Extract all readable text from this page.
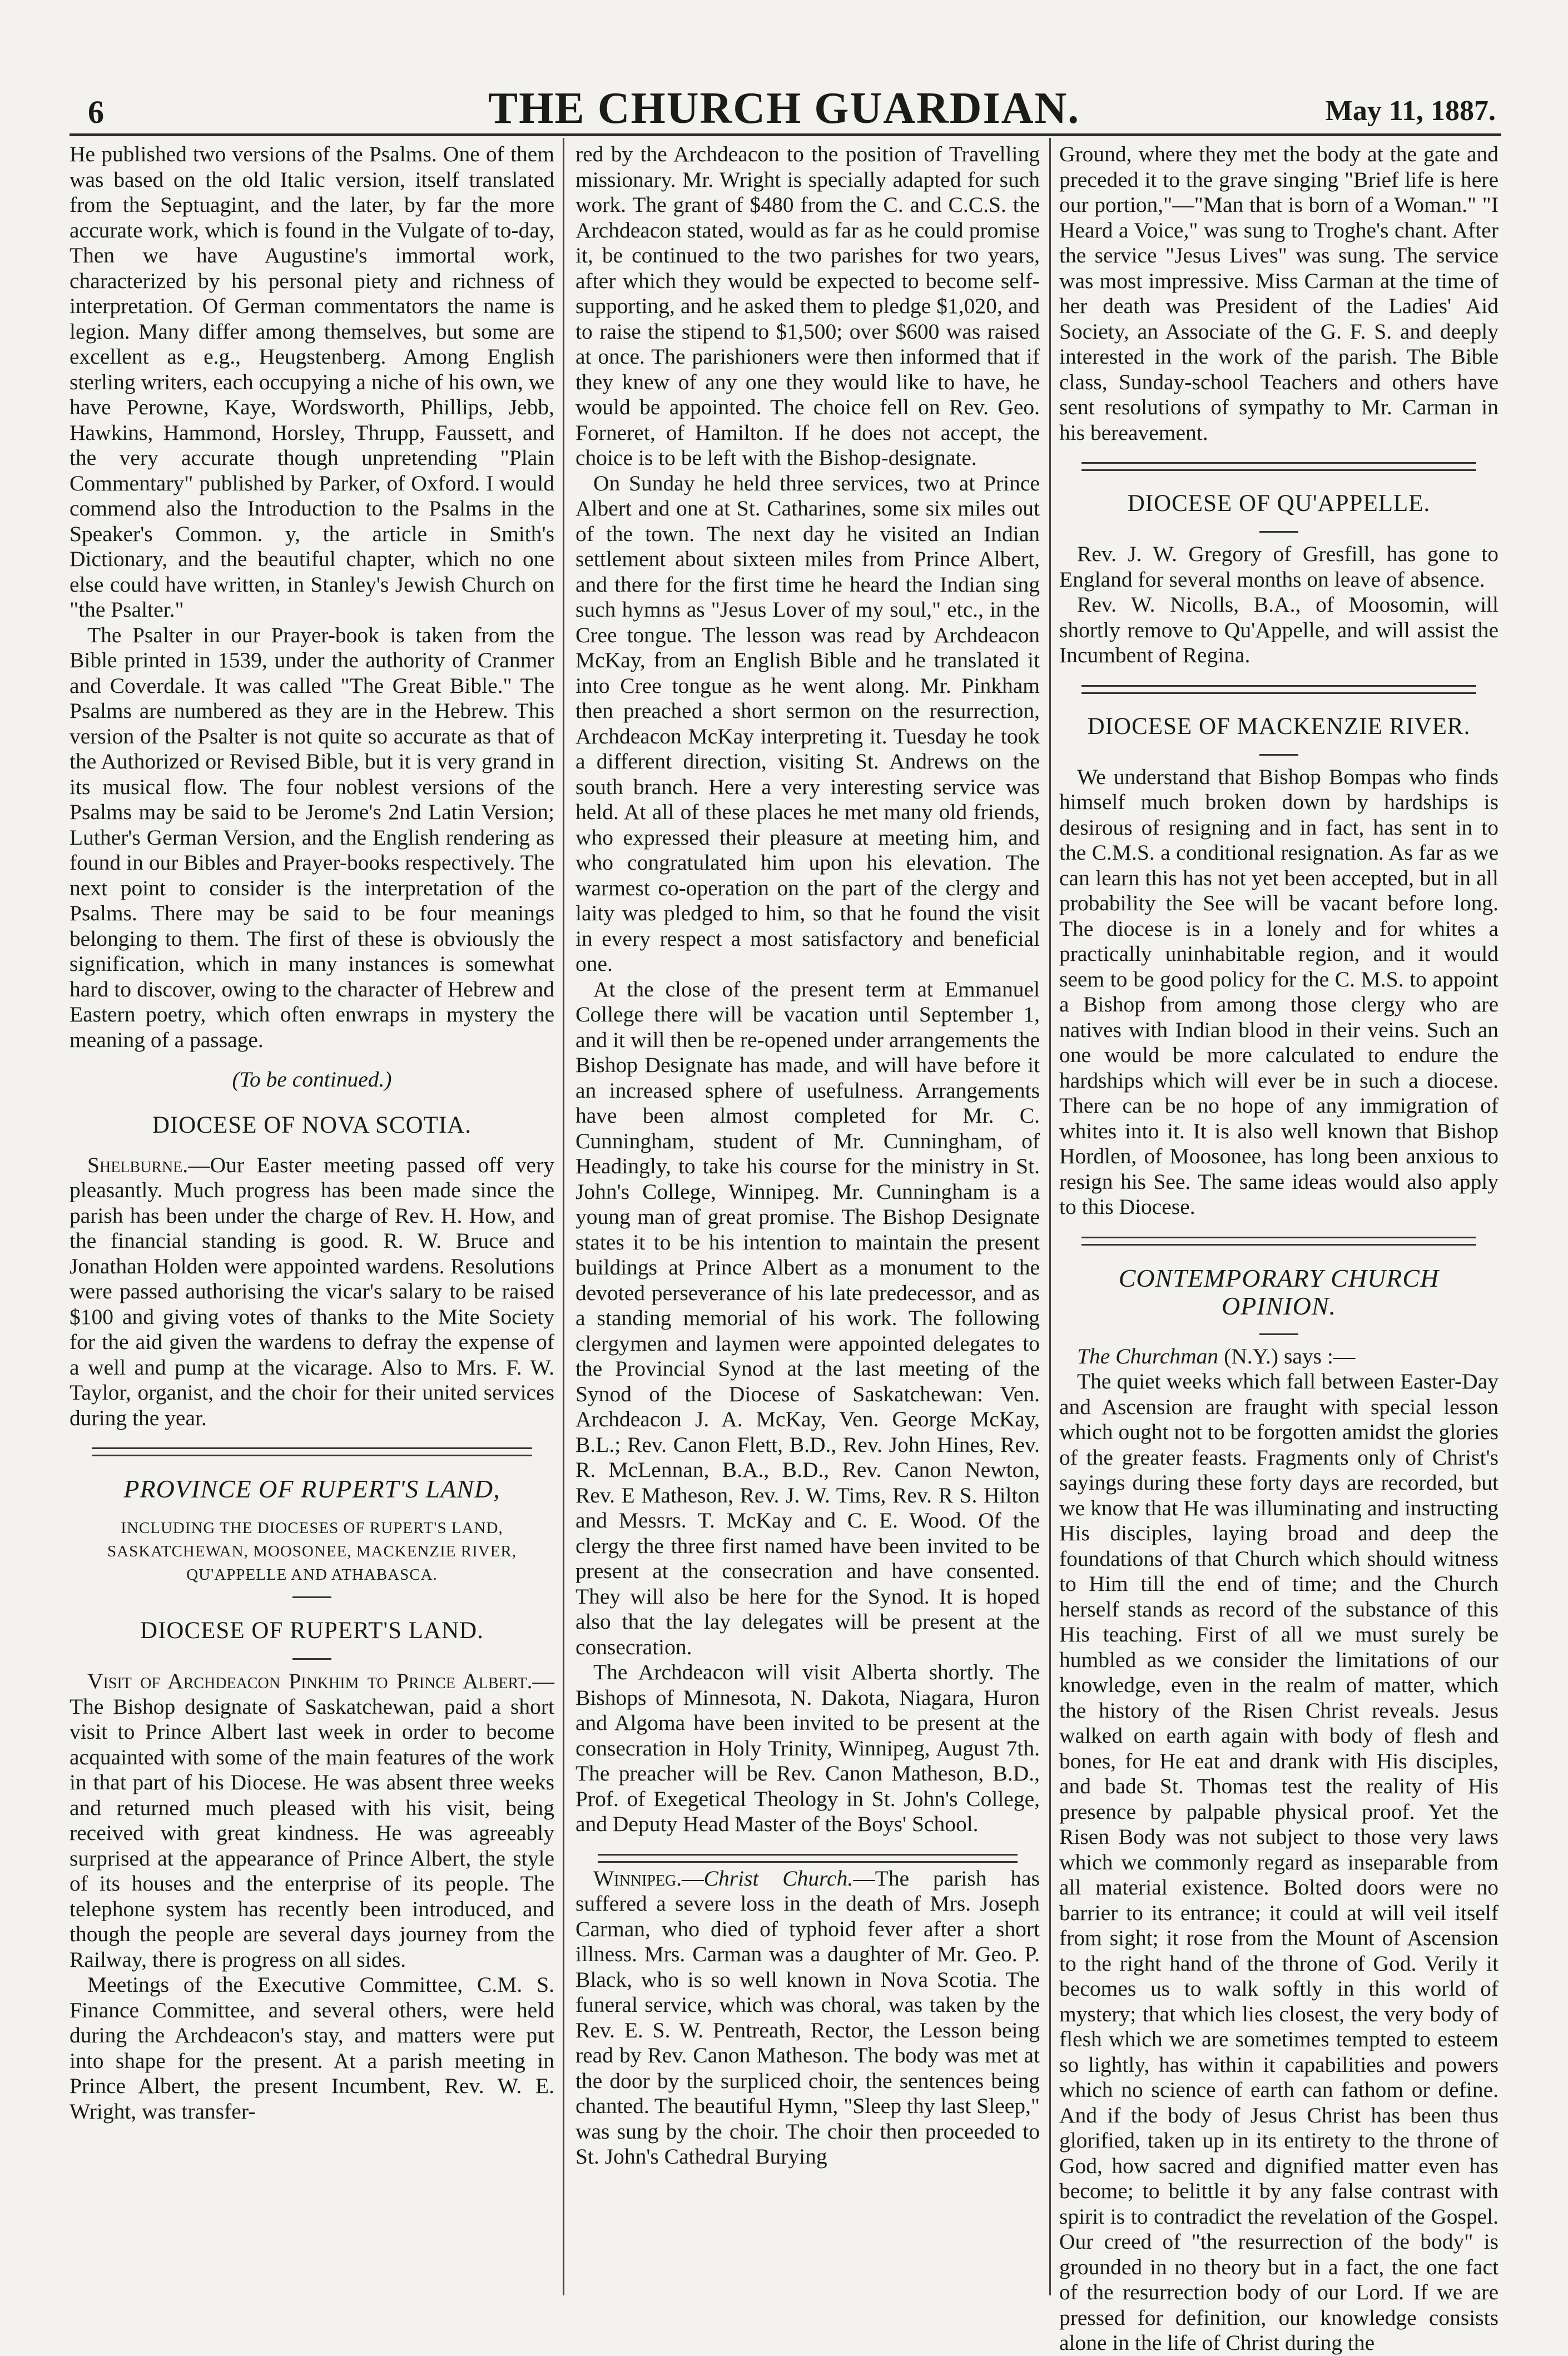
6	THE CHURCH GUARDIAN.	May 11, 1887.

He published two versions of the Psalms. One of them was based on the old Italic version, itself translated from the Septuagint, and the later, by far the more accurate work, which is found in the Vulgate of to-day, Then we have Augustine's immortal work, characterized by his personal piety and richness of interpretation. Of German commentators the name is legion. Many differ among themselves, but some are excellent as e.g., Heugstenberg. Among English sterling writers, each occupying a niche of his own, we have Perowne, Kaye, Wordsworth, Phillips, Jebb, Hawkins, Hammond, Horsley, Thrupp, Faussett, and the very accurate though unpretending "Plain Commentary" published by Parker, of Oxford. I would commend also the Introduction to the Psalms in the Speaker's Common. y, the article in Smith's Dictionary, and the beautiful chapter, which no one else could have written, in Stanley's Jewish Church on "the Psalter."

The Psalter in our Prayer-book is taken from the Bible printed in 1539, under the authority of Cranmer and Coverdale. It was called "The Great Bible." The Psalms are numbered as they are in the Hebrew. This version of the Psalter is not quite so accurate as that of the Authorized or Revised Bible, but it is very grand in its musical flow. The four noblest versions of the Psalms may be said to be Jerome's 2nd Latin Version; Luther's German Version, and the English rendering as found in our Bibles and Prayer-books respectively. The next point to consider is the interpretation of the Psalms. There may be said to be four meanings belonging to them. The first of these is obviously the signification, which in many instances is somewhat hard to discover, owing to the character of Hebrew and Eastern poetry, which often enwraps in mystery the meaning of a passage.

(To be continued.)

DIOCESE OF NOVA SCOTIA.

Shelburne.—Our Easter meeting passed off very pleasantly. Much progress has been made since the parish has been under the charge of Rev. H. How, and the financial standing is good. R. W. Bruce and Jonathan Holden were appointed wardens. Resolutions were passed authorising the vicar's salary to be raised $100 and giving votes of thanks to the Mite Society for the aid given the wardens to defray the expense of a well and pump at the vicarage. Also to Mrs. F. W. Taylor, organist, and the choir for their united services during the year.

PROVINCE OF RUPERT'S LAND,
INCLUDING THE DIOCESES OF RUPERT'S LAND, SASKATCHEWAN, MOOSONEE, MACKENZIE RIVER, QU'APPELLE AND ATHABASCA.
DIOCESE OF RUPERT'S LAND.

Visit of Archdeacon Pinkhim to Prince Albert.—The Bishop designate of Saskatchewan, paid a short visit to Prince Albert last week in order to become acquainted with some of the main features of the work in that part of his Diocese. He was absent three weeks and returned much pleased with his visit, being received with great kindness. He was agreeably surprised at the appearance of Prince Albert, the style of its houses and the enterprise of its people. The telephone system has recently been introduced, and though the people are several days journey from the Railway, there is progress on all sides.

Meetings of the Executive Committee, C.M. S. Finance Committee, and several others, were held during the Archdeacon's stay, and matters were put into shape for the present. At a parish meeting in Prince Albert, the present Incumbent, Rev. W. E. Wright, was transfer-

red by the Archdeacon to the position of Travelling missionary. Mr. Wright is specially adapted for such work. The grant of $480 from the C. and C.C.S. the Archdeacon stated, would as far as he could promise it, be continued to the two parishes for two years, after which they would be expected to become self-supporting, and he asked them to pledge $1,020, and to raise the stipend to $1,500; over $600 was raised at once. The parishioners were then informed that if they knew of any one they would like to have, he would be appointed. The choice fell on Rev. Geo. Forneret, of Hamilton. If he does not accept, the choice is to be left with the Bishop-designate.

On Sunday he held three services, two at Prince Albert and one at St. Catharines, some six miles out of the town. The next day he visited an Indian settlement about sixteen miles from Prince Albert, and there for the first time he heard the Indian sing such hymns as "Jesus Lover of my soul," etc., in the Cree tongue. The lesson was read by Archdeacon McKay, from an English Bible and he translated it into Cree tongue as he went along. Mr. Pinkham then preached a short sermon on the resurrection, Archdeacon McKay interpreting it. Tuesday he took a different direction, visiting St. Andrews on the south branch. Here a very interesting service was held. At all of these places he met many old friends, who expressed their pleasure at meeting him, and who congratulated him upon his elevation. The warmest co-operation on the part of the clergy and laity was pledged to him, so that he found the visit in every respect a most satisfactory and beneficial one.

At the close of the present term at Emmanuel College there will be vacation until September 1, and it will then be re-opened under arrangements the Bishop Designate has made, and will have before it an increased sphere of usefulness. Arrangements have been almost completed for Mr. C. Cunningham, student of Mr. Cunningham, of Headingly, to take his course for the ministry in St. John's College, Winnipeg. Mr. Cunningham is a young man of great promise. The Bishop Designate states it to be his intention to maintain the present buildings at Prince Albert as a monument to the devoted perseverance of his late predecessor, and as a standing memorial of his work. The following clergymen and laymen were appointed delegates to the Provincial Synod at the last meeting of the Synod of the Diocese of Saskatchewan: Ven. Archdeacon J. A. McKay, Ven. George McKay, B.L.; Rev. Canon Flett, B.D., Rev. John Hines, Rev. R. McLennan, B.A., B.D., Rev. Canon Newton, Rev. E Matheson, Rev. J. W. Tims, Rev. R S. Hilton and Messrs. T. McKay and C. E. Wood. Of the clergy the three first named have been invited to be present at the consecration and have consented. They will also be here for the Synod. It is hoped also that the lay delegates will be present at the consecration.

The Archdeacon will visit Alberta shortly. The Bishops of Minnesota, N. Dakota, Niagara, Huron and Algoma have been invited to be present at the consecration in Holy Trinity, Winnipeg, August 7th. The preacher will be Rev. Canon Matheson, B.D., Prof. of Exegetical Theology in St. John's College, and Deputy Head Master of the Boys' School.

Winnipeg.—Christ Church.—The parish has suffered a severe loss in the death of Mrs. Joseph Carman, who died of typhoid fever after a short illness. Mrs. Carman was a daughter of Mr. Geo. P. Black, who is so well known in Nova Scotia. The funeral service, which was choral, was taken by the Rev. E. S. W. Pentreath, Rector, the Lesson being read by Rev. Canon Matheson. The body was met at the door by the surpliced choir, the sentences being chanted. The beautiful Hymn, "Sleep thy last Sleep," was sung by the choir. The choir then proceeded to St. John's Cathedral Burying

Ground, where they met the body at the gate and preceded it to the grave singing "Brief life is here our portion,"—"Man that is born of a Woman." "I Heard a Voice," was sung to Troghe's chant. After the service "Jesus Lives" was sung. The service was most impressive. Miss Carman at the time of her death was President of the Ladies' Aid Society, an Associate of the G. F. S. and deeply interested in the work of the parish. The Bible class, Sunday-school Teachers and others have sent resolutions of sympathy to Mr. Carman in his bereavement.

DIOCESE OF QU'APPELLE.

Rev. J. W. Gregory of Gresfill, has gone to England for several months on leave of absence.

Rev. W. Nicolls, B.A., of Moosomin, will shortly remove to Qu'Appelle, and will assist the Incumbent of Regina.

DIOCESE OF MACKENZIE RIVER.

We understand that Bishop Bompas who finds himself much broken down by hardships is desirous of resigning and in fact, has sent in to the C.M.S. a conditional resignation. As far as we can learn this has not yet been accepted, but in all probability the See will be vacant before long. The diocese is in a lonely and for whites a practically uninhabitable region, and it would seem to be good policy for the C. M.S. to appoint a Bishop from among those clergy who are natives with Indian blood in their veins. Such an one would be more calculated to endure the hardships which will ever be in such a diocese. There can be no hope of any immigration of whites into it. It is also well known that Bishop Hordlen, of Moosonee, has long been anxious to resign his See. The same ideas would also apply to this Diocese.

CONTEMPORARY CHURCH OPINION.

The Churchman (N.Y.) says :—

The quiet weeks which fall between Easter-Day and Ascension are fraught with special lesson which ought not to be forgotten amidst the glories of the greater feasts. Fragments only of Christ's sayings during these forty days are recorded, but we know that He was illuminating and instructing His disciples, laying broad and deep the foundations of that Church which should witness to Him till the end of time; and the Church herself stands as record of the substance of this His teaching. First of all we must surely be humbled as we consider the limitations of our knowledge, even in the realm of matter, which the history of the Risen Christ reveals. Jesus walked on earth again with body of flesh and bones, for He eat and drank with His disciples, and bade St. Thomas test the reality of His presence by palpable physical proof. Yet the Risen Body was not subject to those very laws which we commonly regard as inseparable from all material existence. Bolted doors were no barrier to its entrance; it could at will veil itself from sight; it rose from the Mount of Ascension to the right hand of the throne of God. Verily it becomes us to walk softly in this world of mystery; that which lies closest, the very body of flesh which we are sometimes tempted to esteem so lightly, has within it capabilities and powers which no science of earth can fathom or define. And if the body of Jesus Christ has been thus glorified, taken up in its entirety to the throne of God, how sacred and dignified matter even has become; to belittle it by any false contrast with spirit is to contradict the revelation of the Gospel. Our creed of "the resurrection of the body" is grounded in no theory but in a fact, the one fact of the resurrection body of our Lord. If we are pressed for definition, our knowledge consists alone in the life of Christ during the
